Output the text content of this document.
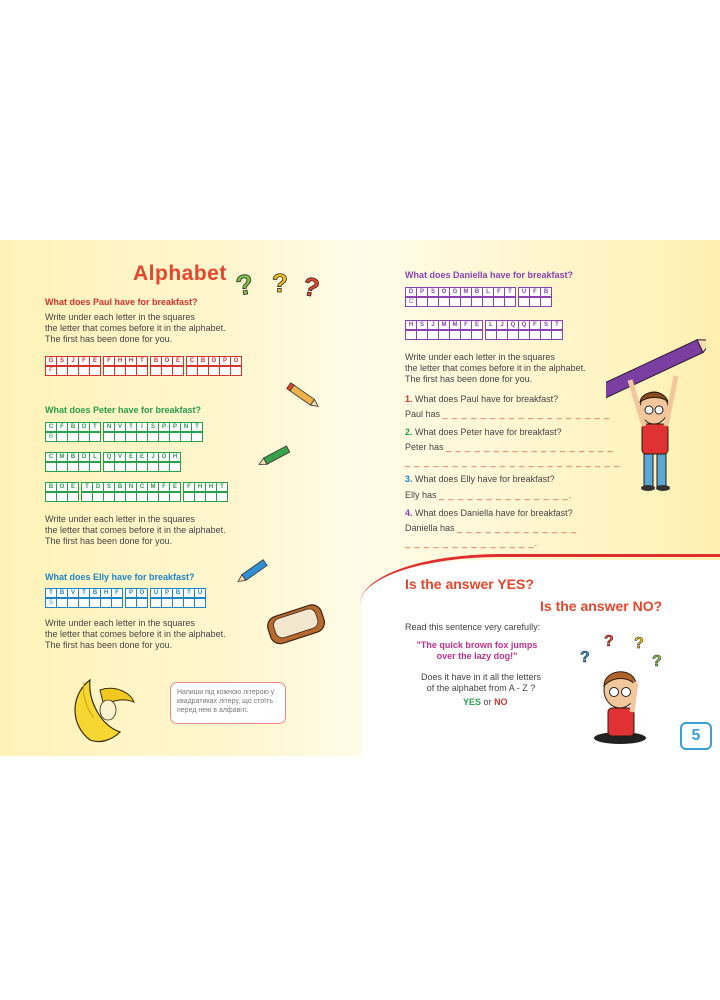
Alphabet ? ? ?
What does Paul have for breakfast?
Write under each letter in the squares
the letter that comes before it in the alphabet.
The first has been done for you.
G	S	J	F	E	F	H	H	T	B	O	E	C	B	D	P	O
F
What does Peter have for breakfast?
C	F	B	O	T	N	V	T	I	S	P	P	N	T
B
C	M	B	D	L	Q	V	E	E	J	O	H
B	O	E	T	D	S	B	N	C	M	F	E	F	H	H	T
Write under each letter in the squares
the letter that comes before it in the alphabet.
The first has been done for you.
What does Elly have for breakfast?
T	B	V	T	B	H	F	P	O	U	P	B	T	U
S
Write under each letter in the squares
the letter that comes before it in the alphabet.
The first has been done for you.
Напиши під кожною літерою у квадратиках літеру, що стоїть перед нею в алфавіті.
What does Daniella have for breakfast?
D	P	S	O	G	M	B	L	F	T	U	F	B
C
H	S	J	M	M	F	E	L	J	Q	Q	F	S	T
Write under each letter in the squares
the letter that comes before it in the alphabet.
The first has been done for you.
1. What does Paul have for breakfast?
Paul has _ _ _ _ _ _ _ _ _ _ _ _ _ _ _ _ _ _
2. What does Peter have for breakfast?
Peter has _ _ _ _ _ _ _ _ _ _ _ _ _ _ _ _ _ _
_ _ _ _ _ _ _ _ _ _ _ _ _ _ _ _ _ _ _ _ _ _ _
3. What does Elly have for breakfast?
Elly has _ _ _ _ _ _ _ _ _ _ _ _ _ _.
4. What does Daniella have for breakfast?
Daniella has _ _ _ _ _ _ _ _ _ _ _ _ _
_ _ _ _ _ _ _ _ _ _ _ _ _ _.
Is the answer YES?
Is the answer NO?
Read this sentence very carefully:
"The quick brown fox jumps
over the lazy dog!"
Does it have in it all the letters
of the alphabet from A - Z ?
YES or NO
?
? ?
?
5
